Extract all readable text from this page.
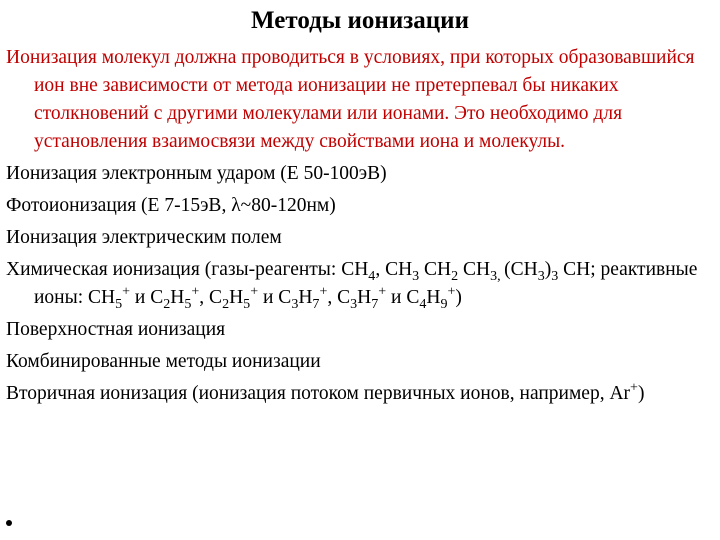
Методы ионизации

Ионизация молекул должна проводиться в условиях, при которых образовавшийся ион вне зависимости от метода ионизации не претерпевал бы никаких столкновений с другими молекулами или ионами. Это необходимо для установления взаимосвязи между свойствами иона и молекулы.

Ионизация электронным ударом (Е 50-100эВ)

Фотоионизация (Е 7-15эВ, λ~80-120нм)

Ионизация электрическим полем

Химическая ионизация (газы-реагенты: $CH_4$, $CH_3$ $CH_2$ $CH_{3,}$ $(CH_3)_3$ CH; реактивные ионы: $CH_5^+$ и $C_2H_5^+$, $C_2H_5^+$ и $C_3H_7^+$, $C_3H_7^+$ и $C_4H_9^+$)

Поверхностная ионизация

Комбинированные методы ионизации

Вторичная ионизация (ионизация потоком первичных ионов, например, Ar+)
